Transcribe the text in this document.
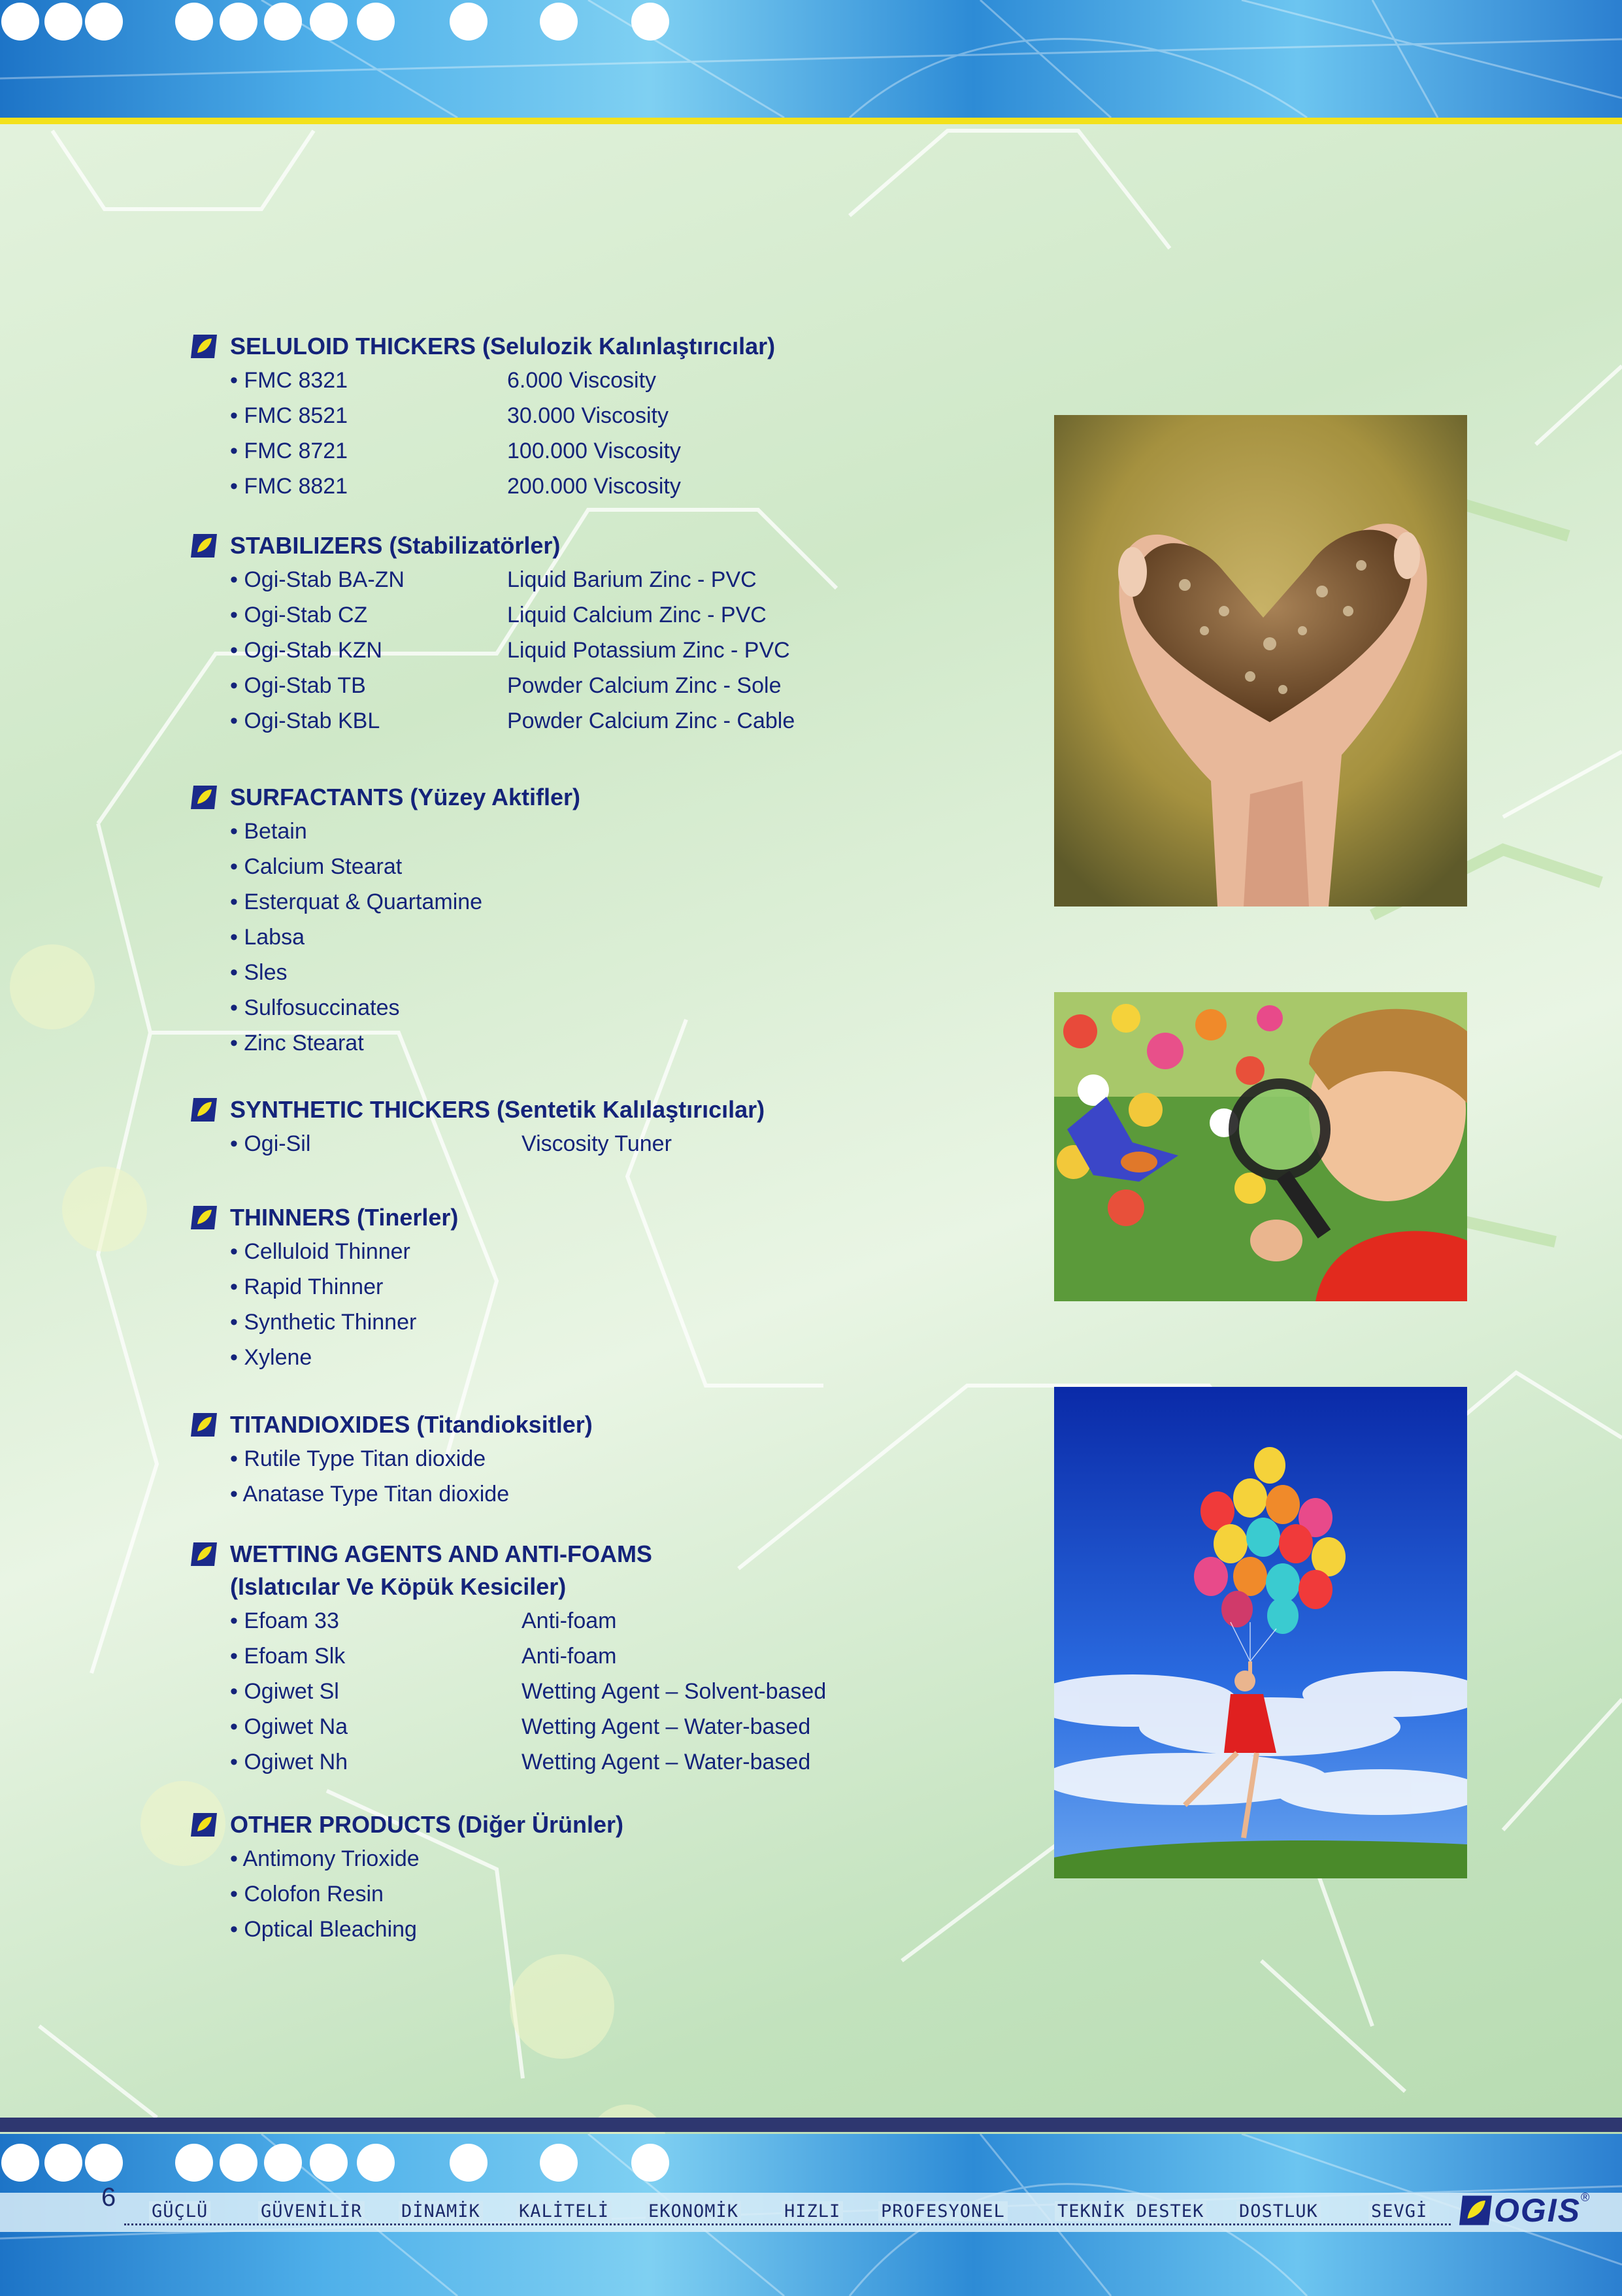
SELULOID THICKERS (Selulozik Kalınlaştırıcılar)
• FMC 8321	6.000 Viscosity
• FMC 8521	30.000 Viscosity
• FMC 8721	100.000 Viscosity
• FMC 8821	200.000 Viscosity
STABILIZERS (Stabilizatörler)
• Ogi-Stab BA-ZN	Liquid Barium Zinc - PVC
• Ogi-Stab CZ	Liquid Calcium Zinc - PVC
• Ogi-Stab KZN	Liquid Potassium Zinc - PVC
• Ogi-Stab TB	Powder Calcium Zinc - Sole
• Ogi-Stab KBL	Powder Calcium Zinc - Cable
SURFACTANTS (Yüzey Aktifler)
• Betain
• Calcium Stearat
• Esterquat & Quartamine
• Labsa
• Sles
• Sulfosuccinates
• Zinc Stearat
SYNTHETIC THICKERS (Sentetik Kalılaştırıcılar)
• Ogi-Sil	Viscosity Tuner
THINNERS (Tinerler)
• Celluloid Thinner
• Rapid Thinner
• Synthetic Thinner
• Xylene
TITANDIOXIDES (Titandioksitler)
• Rutile Type Titan dioxide
• Anatase Type Titan dioxide
WETTING AGENTS AND ANTI-FOAMS
(Islatıcılar Ve Köpük Kesiciler)
• Efoam 33	Anti-foam
• Efoam Slk	Anti-foam
• Ogiwet Sl	Wetting Agent – Solvent-based
• Ogiwet Na	Wetting Agent – Water-based
• Ogiwet Nh	Wetting Agent – Water-based
OTHER PRODUCTS (Diğer Ürünler)
• Antimony Trioxide
• Colofon Resin
• Optical Bleaching
6 GÜÇLÜ	GÜVENİLİR DİNAMİK KALİTELİ EKONOMİK	HIZLI PROFESYONEL	TEKNİK DESTEK DOSTLUK	SEVGİ OGIS ®
